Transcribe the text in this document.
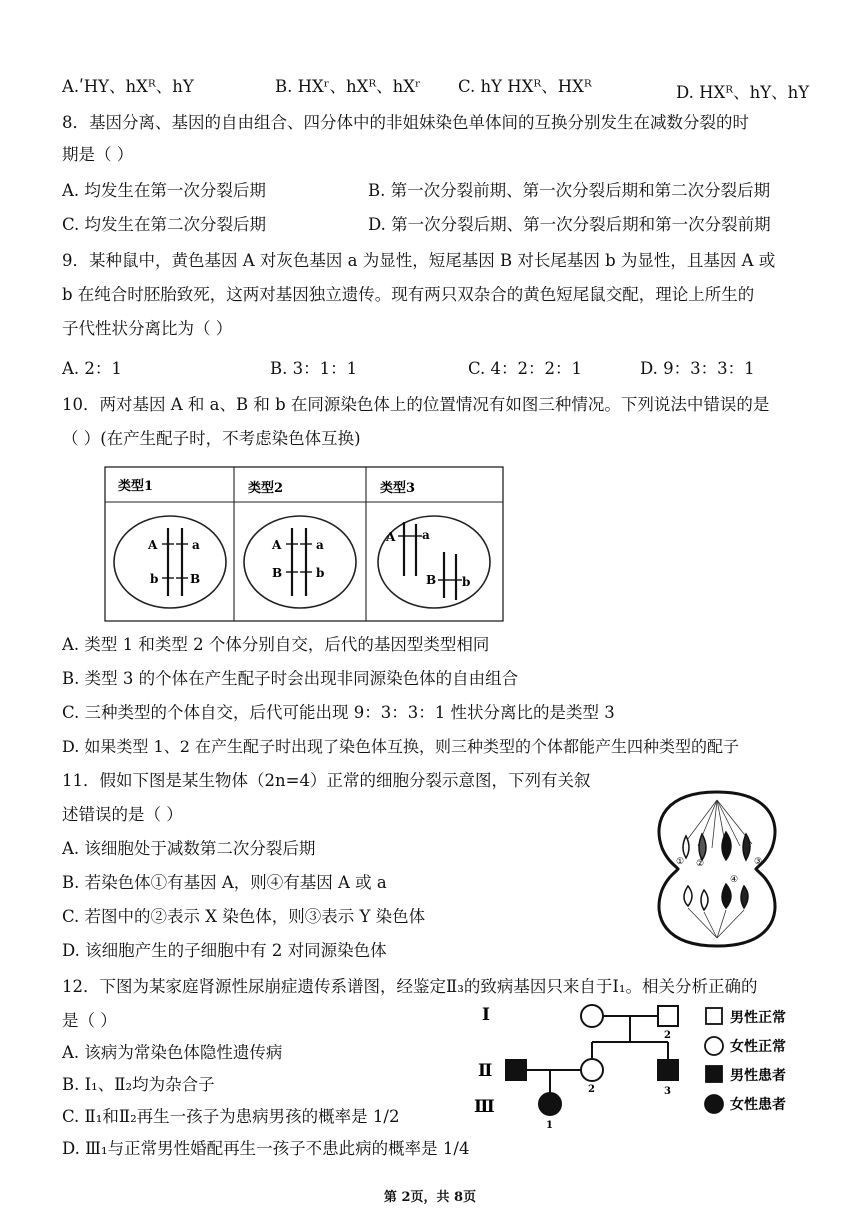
A.ʹHY、hXᴿ、hY	B. HXʳ、hXᴿ、hXʳ C. hY HXᴿ、HXᴿ	D. HXᴿ、hY、hY
8．基因分离、基因的自由组合、四分体中的非姐妹染色单体间的互换分别发生在减数分裂的时
期是（ ）
A. 均发生在第一次分裂后期	B. 第一次分裂前期、第一次分裂后期和第二次分裂后期
C. 均发生在第二次分裂后期	D. 第一次分裂后期、第一次分裂后期和第一次分裂前期
9．某种鼠中，黄色基因 A 对灰色基因 a 为显性，短尾基因 B 对长尾基因 b 为显性，且基因 A 或
b 在纯合时胚胎致死，这两对基因独立遗传。现有两只双杂合的黄色短尾鼠交配，理论上所生的
子代性状分离比为（ ）
A. 2：1	B. 3：1：1	C. 4：2：2：1	D. 9：3：3：1
10．两对基因 A 和 a、B 和 b 在同源染色体上的位置情况有如图三种情况。下列说法中错误的是
（ ）(在产生配子时，不考虑染色体互换)
类型1	类型2	类型3
A	a
b	B
A	a
B	b
A a
B b
A. 类型 1 和类型 2 个体分别自交，后代的基因型类型相同
B. 类型 3 的个体在产生配子时会出现非同源染色体的自由组合
C. 三种类型的个体自交，后代可能出现 9：3：3：1 性状分离比的是类型 3
D. 如果类型 1、2 在产生配子时出现了染色体互换，则三种类型的个体都能产生四种类型的配子
11．假如下图是某生物体（2n=4）正常的细胞分裂示意图，下列有关叙
述错误的是（ ）
A. 该细胞处于减数第二次分裂后期
B. 若染色体①有基因 A，则④有基因 A 或 a
C. 若图中的②表示 X 染色体，则③表示 Y 染色体
D. 该细胞产生的子细胞中有 2 对同源染色体
① ②	③
④
12．下图为某家庭肾源性尿崩症遗传系谱图，经鉴定Ⅱ₃的致病基因只来自于Ⅰ₁。相关分析正确的
是（ ）
A. 该病为常染色体隐性遗传病
B. Ⅰ₁、Ⅱ₂均为杂合子
C. Ⅱ₁和Ⅱ₂再生一孩子为患病男孩的概率是 1/2
D. Ⅲ₁与正常男性婚配再生一孩子不患此病的概率是 1/4
Ⅰ
Ⅱ
Ⅲ
2
1	2	3
1
男性正常
女性正常
男性患者
女性患者
第 2页，共 8页
